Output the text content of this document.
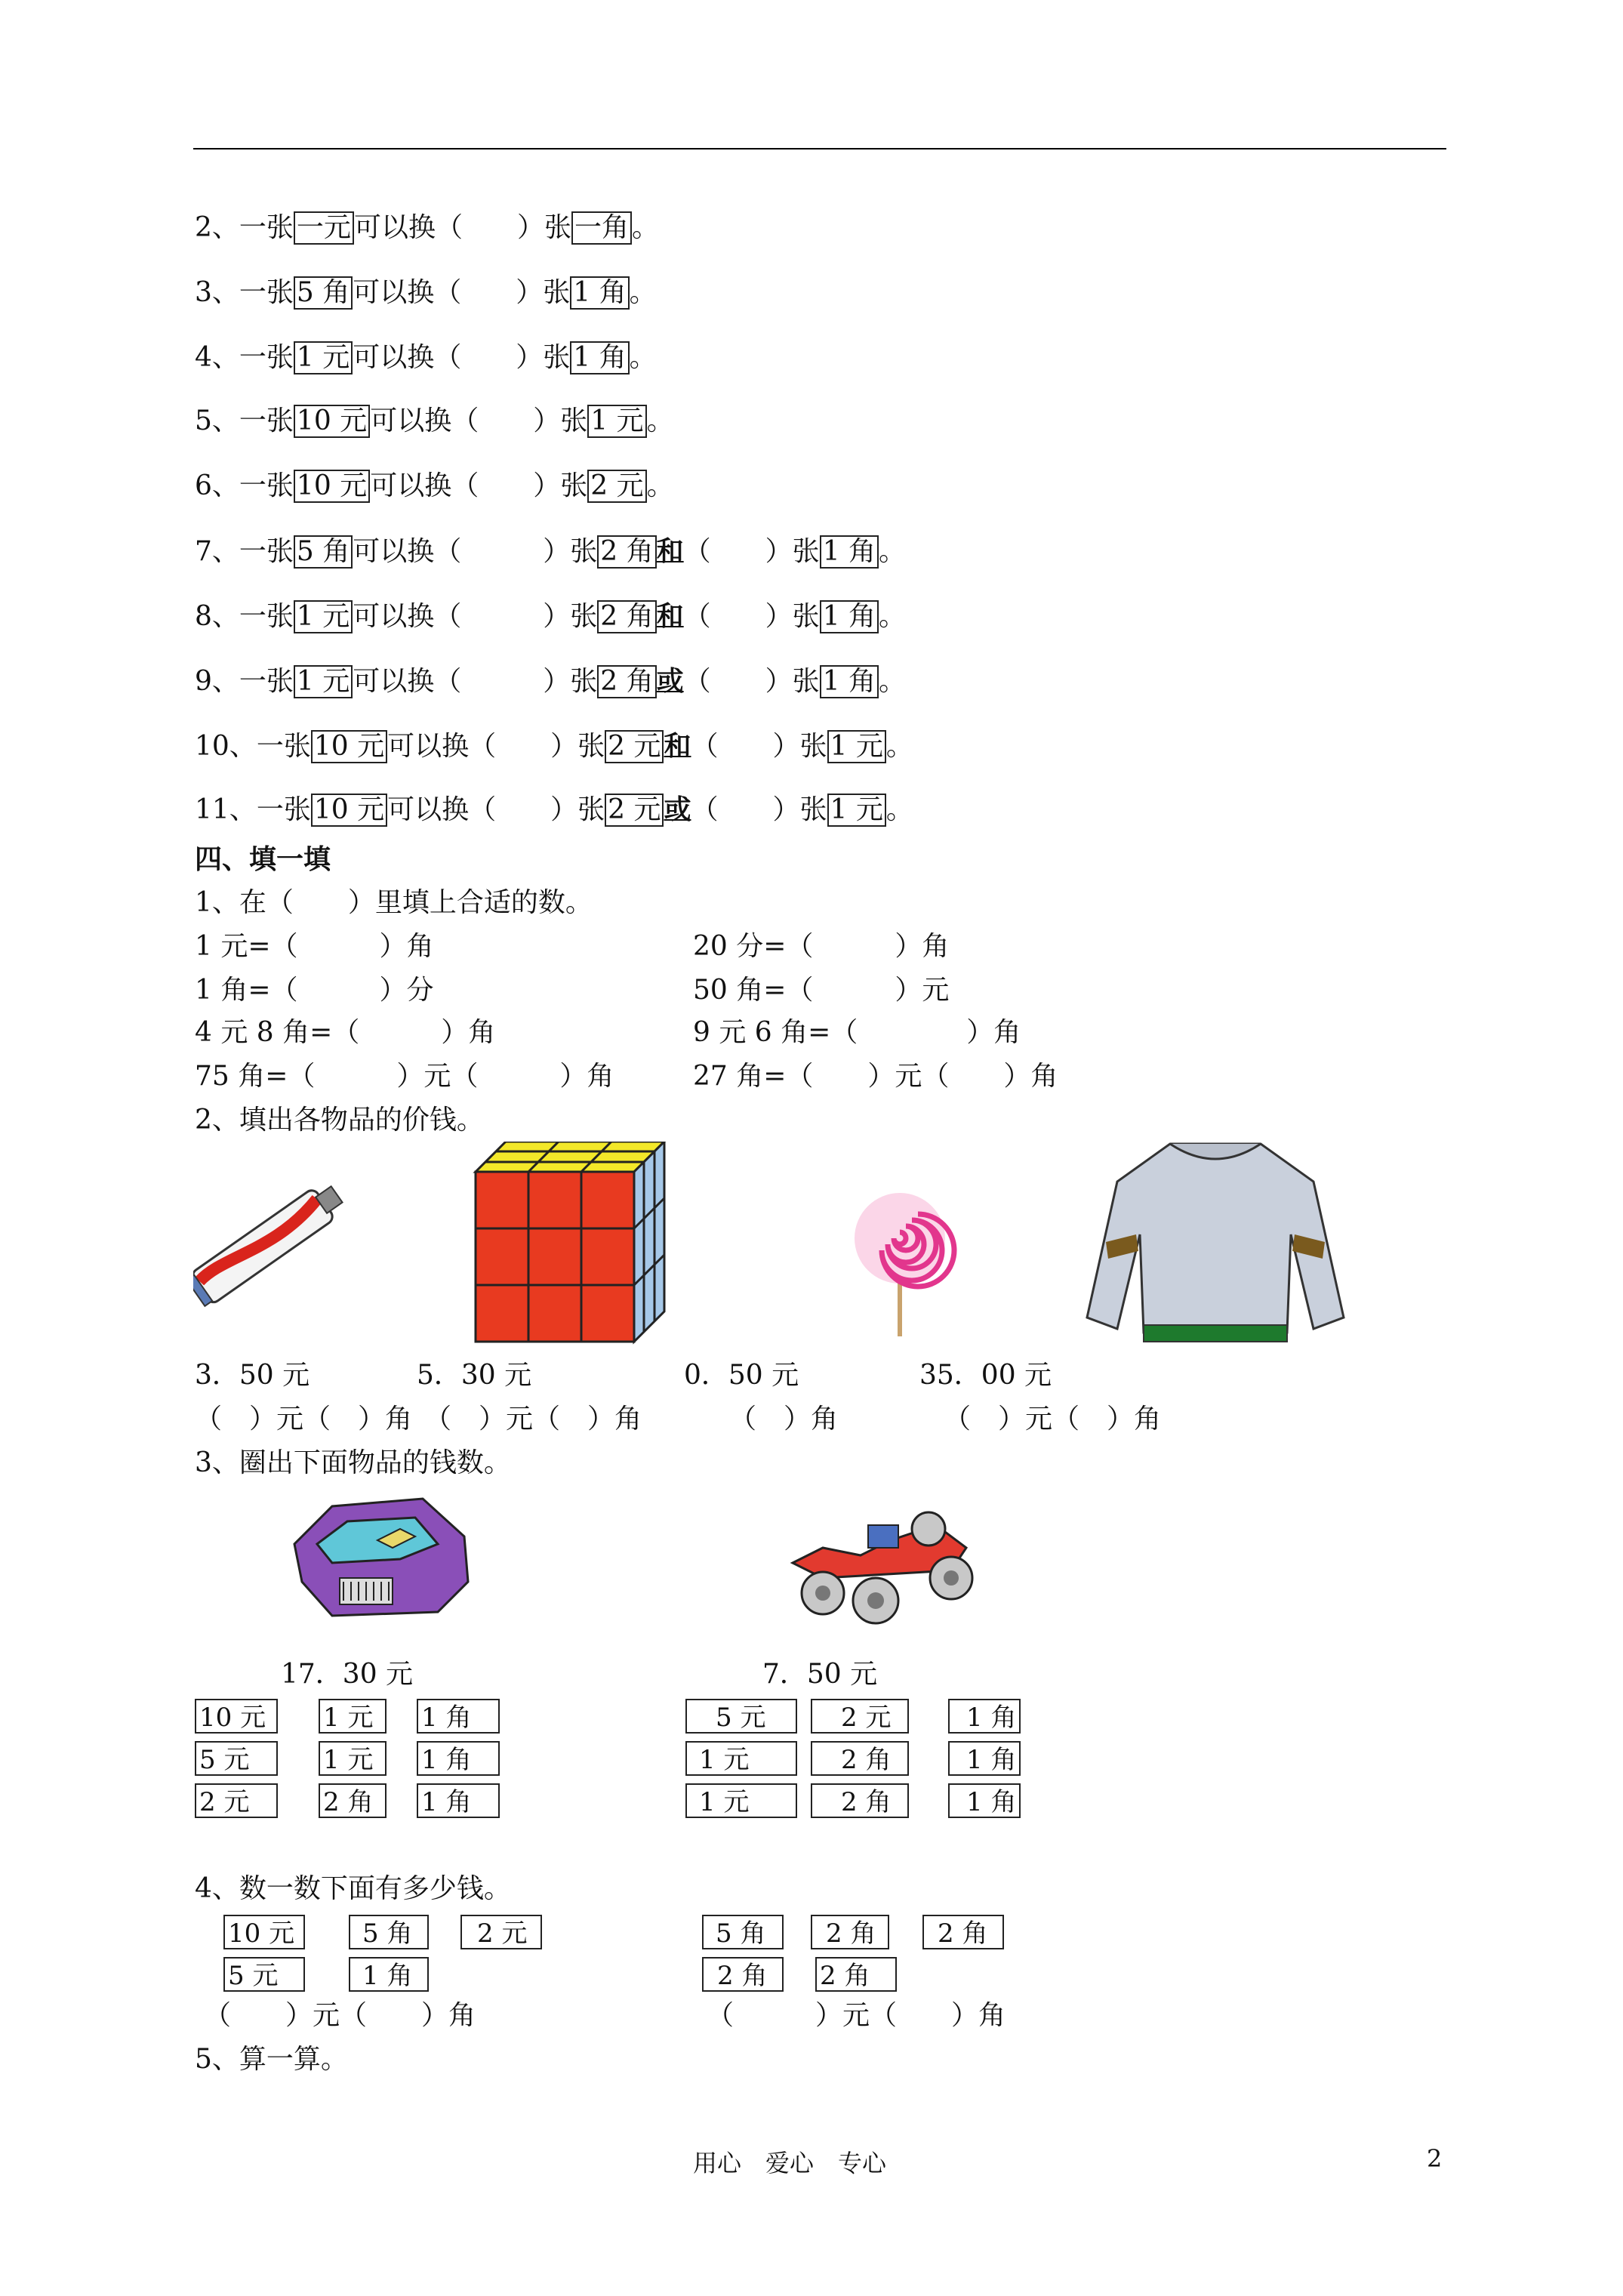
2、一张 一元 可以换（　　）张 一角 。
3、一张 5 角 可以换（　　）张 1 角 。
4、一张 1 元 可以换（　　）张 1 角 。
5、一张 10 元 可以换（　　）张 1 元 。
6、一张 10 元 可以换（　　）张 2 元 。
7、一张 5 角 可以换（　　　）张 2 角 和（　　）张 1 角 。
8、一张 1 元 可以换（　　　）张 2 角 和（　　）张 1 角 。
9、一张 1 元 可以换（　　　）张 2 角 或（　　）张 1 角 。
10、一张 10 元 可以换（　　）张 2 元 和（　　）张 1 元 。
11、一张 10 元 可以换（　　）张 2 元 或（　　）张 1 元 。
四、填一填
1、在（　　）里填上合适的数。
1 元=（　　　）角	20 分=（　　　）角
1 角=（　　　）分	50 角=（　　　）元
4 元 8 角=（　　　）角	9 元 6 角=（　　　　）角
75 角=（　　　）元（　　　）角	27 角=（　　）元（　　）角
2、填出各物品的价钱。
3．50 元	5．30 元	0．50 元	35．00 元
（　）元（　）角 （　）元（　）角	（　）角	（　）元（　）角
3、圈出下面物品的钱数。
17．30 元	7．50 元
10 元	1 元	1 角
5 元	1 元	1 角
2 元	2 角	1 角
5 元	2 元	1 角
1 元	2 角	1 角
1 元	2 角	1 角
4、数一数下面有多少钱。
10 元	5 角	2 元
5 元	1 角
5 角	2 角	2 角
2 角	2 角
（　　）元（　　）角	（　　　）元（　　）角
5、算一算。
用心　爱心　专心	2
